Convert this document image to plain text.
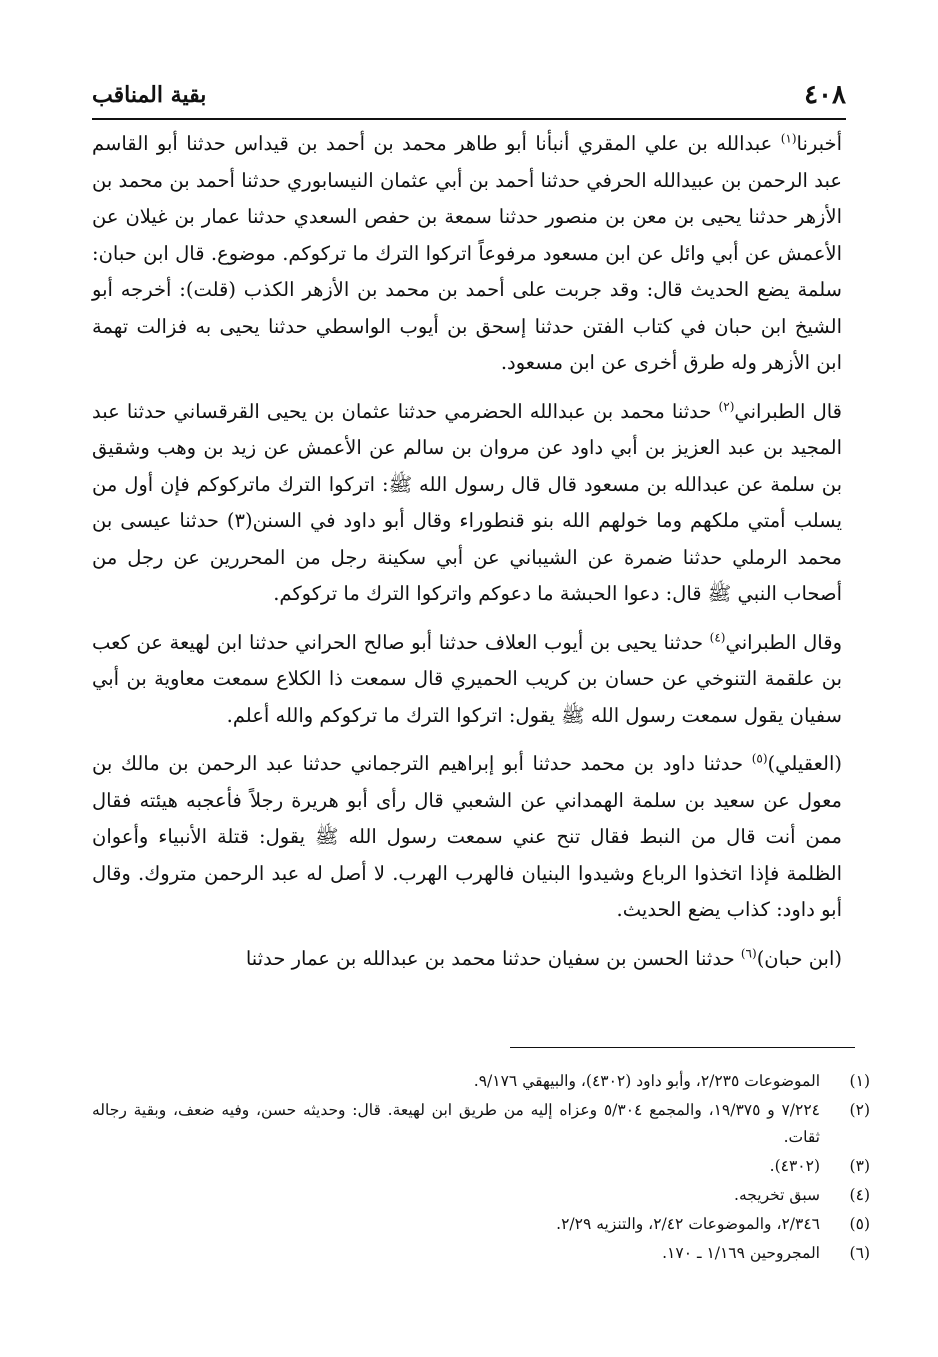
٤٠٨
بقية المناقب

أخبرنا$^{(١)}$ عبدالله بن علي المقري أنبأنا أبو طاهر محمد بن أحمد بن قيداس حدثنا أبو القاسم عبد الرحمن بن عبيدالله الحرفي حدثنا أحمد بن أبي عثمان النيسابوري حدثنا أحمد بن محمد بن الأزهر حدثنا يحيى بن معن بن منصور حدثنا سمعة بن حفص السعدي حدثنا عمار بن غيلان عن الأعمش عن أبي وائل عن ابن مسعود مرفوعاً اتركوا الترك ما تركوكم. موضوع. قال ابن حبان: سلمة يضع الحديث قال: وقد جربت على أحمد بن محمد بن الأزهر الكذب (قلت): أخرجه أبو الشيخ ابن حبان في كتاب الفتن حدثنا إسحق بن أيوب الواسطي حدثنا يحيى به فزالت تهمة ابن الأزهر وله طرق أخرى عن ابن مسعود.

قال الطبراني$^{(٢)}$ حدثنا محمد بن عبدالله الحضرمي حدثنا عثمان بن يحيى القرقساني حدثنا عبد المجيد بن عبد العزيز بن أبي داود عن مروان بن سالم عن الأعمش عن زيد بن وهب وشقيق بن سلمة عن عبدالله بن مسعود قال قال رسول الله ﷺ: اتركوا الترك ماتركوكم فإن أول من يسلب أمتي ملكهم وما خولهم الله بنو قنطوراء وقال أبو داود في السنن(٣) حدثنا عيسى بن محمد الرملي حدثنا ضمرة عن الشيباني عن أبي سكينة رجل من المحررين عن رجل من أصحاب النبي ﷺ قال: دعوا الحبشة ما دعوكم واتركوا الترك ما تركوكم.

وقال الطبراني$^{(٤)}$ حدثنا يحيى بن أيوب العلاف حدثنا أبو صالح الحراني حدثنا ابن لهيعة عن كعب بن علقمة التنوخي عن حسان بن كريب الحميري قال سمعت ذا الكلاع سمعت معاوية بن أبي سفيان يقول سمعت رسول الله ﷺ يقول: اتركوا الترك ما تركوكم والله أعلم.

(العقيلي)$^{(٥)}$ حدثنا داود بن محمد حدثنا أبو إبراهيم الترجماني حدثنا عبد الرحمن بن مالك بن معول عن سعيد بن سلمة الهمداني عن الشعبي قال رأى أبو هريرة رجلاً فأعجبه هيئته فقال ممن أنت قال من النبط فقال تنح عني سمعت رسول الله ﷺ يقول: قتلة الأنبياء وأعوان الظلمة فإذا اتخذوا الرباع وشيدوا البنيان فالهرب الهرب. لا أصل له عبد الرحمن متروك. وقال أبو داود: كذاب يضع الحديث.

(ابن حبان)$^{(٦)}$ حدثنا الحسن بن سفيان حدثنا محمد بن عبدالله بن عمار حدثنا

(١)
الموضوعات ٢/٢٣٥، وأبو داود (٤٣٠٢)، والبيهقي ٩/١٧٦.
(٢)
٧/٢٢٤ و ١٩/٣٧٥، والمجمع ٥/٣٠٤ وعزاه إليه من طريق ابن لهيعة. قال: وحديثه حسن، وفيه ضعف، وبقية رجاله ثقات.
(٣)
(٤٣٠٢).
(٤)
سبق تخريجه.
(٥)
٢/٣٤٦، والموضوعات ٢/٤٢، والتنزيه ٢/٢٩.
(٦)
المجروحين ١/١٦٩ ـ ١٧٠.
